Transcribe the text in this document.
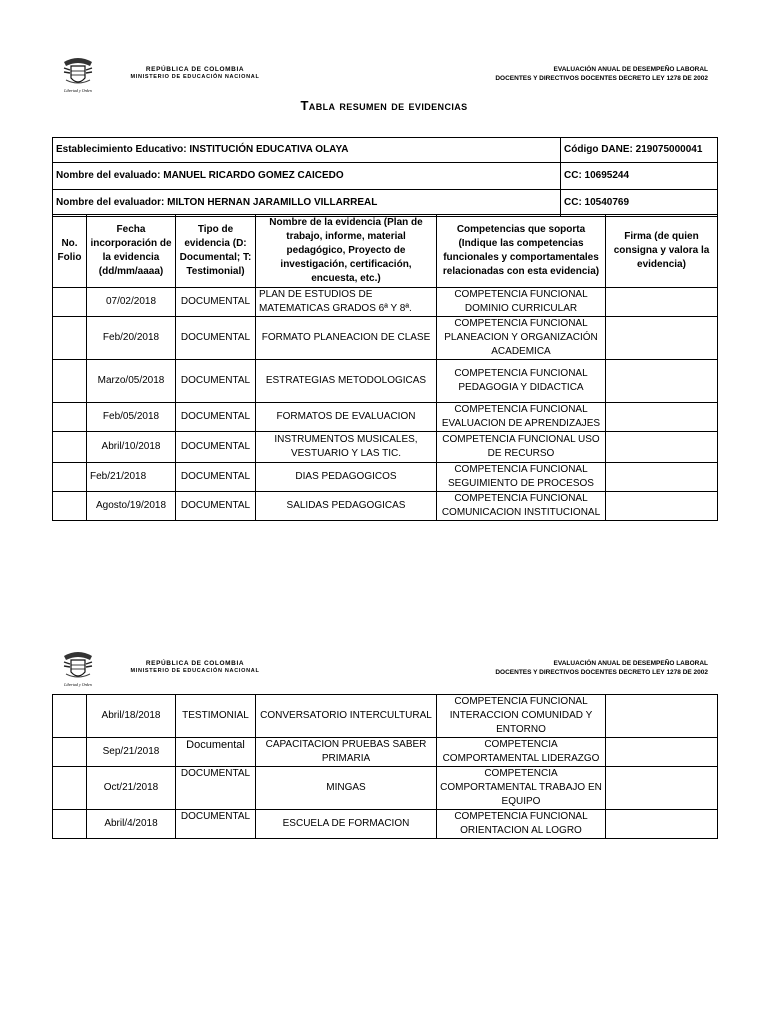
Libertad y Orden
REPÚBLICA DE COLOMBIA
MINISTERIO DE EDUCACIÓN NACIONAL
EVALUACIÓN ANUAL DE DESEMPEÑO LABORAL
DOCENTES Y DIRECTIVOS DOCENTES DECRETO LEY 1278 DE 2002
Tabla resumen de evidencias
Establecimiento Educativo: INSTITUCIÓN EDUCATIVA OLAYA	Código DANE: 219075000041
Nombre del evaluado: MANUEL RICARDO GOMEZ CAICEDO	CC: 10695244
Nombre del evaluador: MILTON HERNAN JARAMILLO VILLARREAL	CC: 10540769
No. Folio	Fecha incorporación de la evidencia (dd/mm/aaaa)	Tipo de evidencia (D: Documental; T: Testimonial)	Nombre de la evidencia (Plan de trabajo, informe, material pedagógico, Proyecto de investigación, certificación, encuesta, etc.)	Competencias que soporta (Indique las competencias funcionales y comportamentales relacionadas con esta evidencia)	Firma (de quien consigna y valora la evidencia)
	07/02/2018	DOCUMENTAL	PLAN DE ESTUDIOS DE MATEMATICAS GRADOS 6ª Y 8ª.	COMPETENCIA FUNCIONAL DOMINIO CURRICULAR	
	Feb/20/2018	DOCUMENTAL	FORMATO PLANEACION DE CLASE	COMPETENCIA FUNCIONAL PLANEACION Y ORGANIZACIÓN ACADEMICA	
	Marzo/05/2018	DOCUMENTAL	ESTRATEGIAS METODOLOGICAS	COMPETENCIA FUNCIONAL PEDAGOGIA Y DIDACTICA	
	Feb/05/2018	DOCUMENTAL	FORMATOS DE EVALUACION	COMPETENCIA FUNCIONAL EVALUACION DE APRENDIZAJES	
	Abril/10/2018	DOCUMENTAL	INSTRUMENTOS MUSICALES, VESTUARIO Y LAS TIC.	COMPETENCIA FUNCIONAL USO DE RECURSO	
	Feb/21/2018	DOCUMENTAL	DIAS PEDAGOGICOS	COMPETENCIA FUNCIONAL SEGUIMIENTO DE PROCESOS	
	Agosto/19/2018	DOCUMENTAL	SALIDAS PEDAGOGICAS	COMPETENCIA FUNCIONAL COMUNICACION INSTITUCIONAL	
Libertad y Orden
REPÚBLICA DE COLOMBIA
MINISTERIO DE EDUCACIÓN NACIONAL
EVALUACIÓN ANUAL DE DESEMPEÑO LABORAL
DOCENTES Y DIRECTIVOS DOCENTES DECRETO LEY 1278 DE 2002
	Abril/18/2018	TESTIMONIAL	CONVERSATORIO INTERCULTURAL	COMPETENCIA FUNCIONAL INTERACCION COMUNIDAD Y ENTORNO	
	Sep/21/2018	Documental	CAPACITACION PRUEBAS SABER PRIMARIA	COMPETENCIA COMPORTAMENTAL LIDERAZGO	
	Oct/21/2018	DOCUMENTAL	MINGAS	COMPETENCIA COMPORTAMENTAL TRABAJO EN EQUIPO	
	Abril/4/2018	DOCUMENTAL	ESCUELA DE FORMACION	COMPETENCIA FUNCIONAL ORIENTACION AL LOGRO	
